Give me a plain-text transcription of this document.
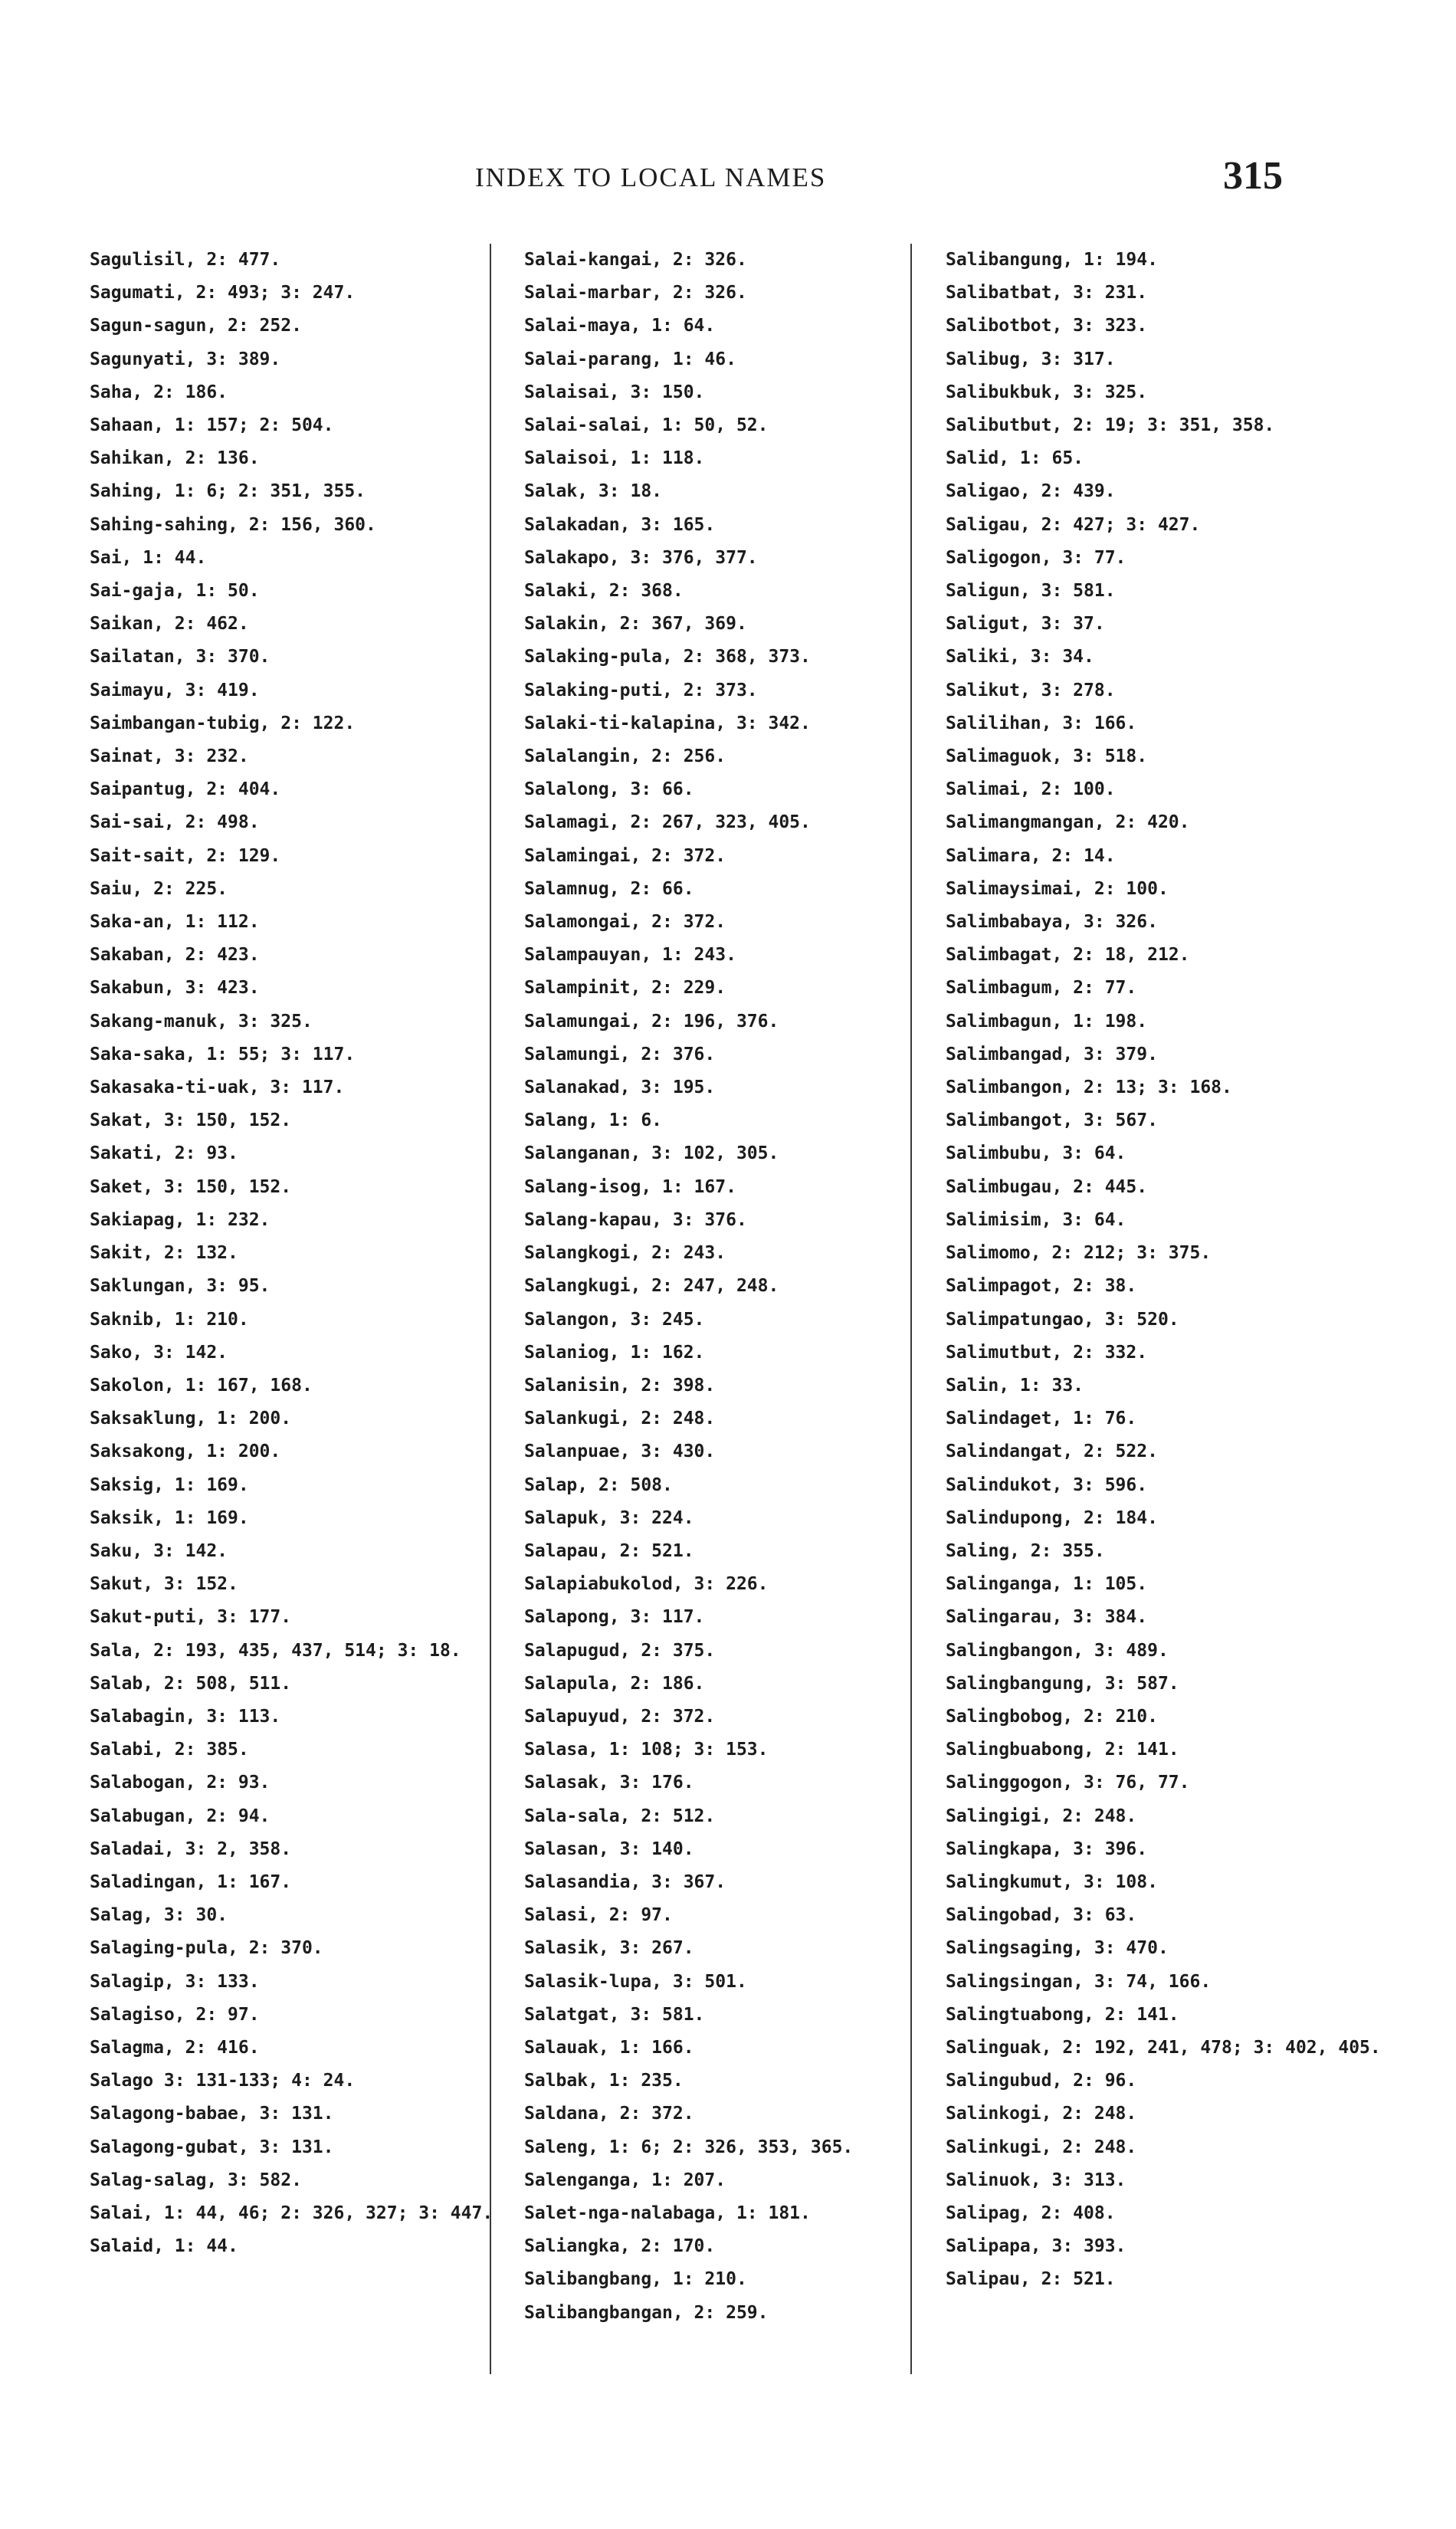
INDEX TO LOCAL NAMES	315
Sagulisil, 2: 477.
Sagumati, 2: 493; 3: 247.
Sagun-sagun, 2: 252.
Sagunyati, 3: 389.
Saha, 2: 186.
Sahaan, 1: 157; 2: 504.
Sahikan, 2: 136.
Sahing, 1: 6; 2: 351, 355.
Sahing-sahing, 2: 156, 360.
Sai, 1: 44.
Sai-gaja, 1: 50.
Saikan, 2: 462.
Sailatan, 3: 370.
Saimayu, 3: 419.
Saimbangan-tubig, 2: 122.
Sainat, 3: 232.
Saipantug, 2: 404.
Sai-sai, 2: 498.
Sait-sait, 2: 129.
Saiu, 2: 225.
Saka-an, 1: 112.
Sakaban, 2: 423.
Sakabun, 3: 423.
Sakang-manuk, 3: 325.
Saka-saka, 1: 55; 3: 117.
Sakasaka-ti-uak, 3: 117.
Sakat, 3: 150, 152.
Sakati, 2: 93.
Saket, 3: 150, 152.
Sakiapag, 1: 232.
Sakit, 2: 132.
Saklungan, 3: 95.
Saknib, 1: 210.
Sako, 3: 142.
Sakolon, 1: 167, 168.
Saksaklung, 1: 200.
Saksakong, 1: 200.
Saksig, 1: 169.
Saksik, 1: 169.
Saku, 3: 142.
Sakut, 3: 152.
Sakut-puti, 3: 177.
Sala, 2: 193, 435, 437, 514; 3: 18.
Salab, 2: 508, 511.
Salabagin, 3: 113.
Salabi, 2: 385.
Salabogan, 2: 93.
Salabugan, 2: 94.
Saladai, 3: 2, 358.
Saladingan, 1: 167.
Salag, 3: 30.
Salaging-pula, 2: 370.
Salagip, 3: 133.
Salagiso, 2: 97.
Salagma, 2: 416.
Salago 3: 131-133; 4: 24.
Salagong-babae, 3: 131.
Salagong-gubat, 3: 131.
Salag-salag, 3: 582.
Salai, 1: 44, 46; 2: 326, 327; 3: 447.
Salaid, 1: 44.
Salai-kangai, 2: 326.
Salai-marbar, 2: 326.
Salai-maya, 1: 64.
Salai-parang, 1: 46.
Salaisai, 3: 150.
Salai-salai, 1: 50, 52.
Salaisoi, 1: 118.
Salak, 3: 18.
Salakadan, 3: 165.
Salakapo, 3: 376, 377.
Salaki, 2: 368.
Salakin, 2: 367, 369.
Salaking-pula, 2: 368, 373.
Salaking-puti, 2: 373.
Salaki-ti-kalapina, 3: 342.
Salalangin, 2: 256.
Salalong, 3: 66.
Salamagi, 2: 267, 323, 405.
Salamingai, 2: 372.
Salamnug, 2: 66.
Salamongai, 2: 372.
Salampauyan, 1: 243.
Salampinit, 2: 229.
Salamungai, 2: 196, 376.
Salamungi, 2: 376.
Salanakad, 3: 195.
Salang, 1: 6.
Salanganan, 3: 102, 305.
Salang-isog, 1: 167.
Salang-kapau, 3: 376.
Salangkogi, 2: 243.
Salangkugi, 2: 247, 248.
Salangon, 3: 245.
Salaniog, 1: 162.
Salanisin, 2: 398.
Salankugi, 2: 248.
Salanpuae, 3: 430.
Salap, 2: 508.
Salapuk, 3: 224.
Salapau, 2: 521.
Salapiabukolod, 3: 226.
Salapong, 3: 117.
Salapugud, 2: 375.
Salapula, 2: 186.
Salapuyud, 2: 372.
Salasa, 1: 108; 3: 153.
Salasak, 3: 176.
Sala-sala, 2: 512.
Salasan, 3: 140.
Salasandia, 3: 367.
Salasi, 2: 97.
Salasik, 3: 267.
Salasik-lupa, 3: 501.
Salatgat, 3: 581.
Salauak, 1: 166.
Salbak, 1: 235.
Saldana, 2: 372.
Saleng, 1: 6; 2: 326, 353, 365.
Salenganga, 1: 207.
Salet-nga-nalabaga, 1: 181.
Saliangka, 2: 170.
Salibangbang, 1: 210.
Salibangbangan, 2: 259.
Salibangung, 1: 194.
Salibatbat, 3: 231.
Salibotbot, 3: 323.
Salibug, 3: 317.
Salibukbuk, 3: 325.
Salibutbut, 2: 19; 3: 351, 358.
Salid, 1: 65.
Saligao, 2: 439.
Saligau, 2: 427; 3: 427.
Saligogon, 3: 77.
Saligun, 3: 581.
Saligut, 3: 37.
Saliki, 3: 34.
Salikut, 3: 278.
Salilihan, 3: 166.
Salimaguok, 3: 518.
Salimai, 2: 100.
Salimangmangan, 2: 420.
Salimara, 2: 14.
Salimaysimai, 2: 100.
Salimbabaya, 3: 326.
Salimbagat, 2: 18, 212.
Salimbagum, 2: 77.
Salimbagun, 1: 198.
Salimbangad, 3: 379.
Salimbangon, 2: 13; 3: 168.
Salimbangot, 3: 567.
Salimbubu, 3: 64.
Salimbugau, 2: 445.
Salimisim, 3: 64.
Salimomo, 2: 212; 3: 375.
Salimpagot, 2: 38.
Salimpatungao, 3: 520.
Salimutbut, 2: 332.
Salin, 1: 33.
Salindaget, 1: 76.
Salindangat, 2: 522.
Salindukot, 3: 596.
Salindupong, 2: 184.
Saling, 2: 355.
Salinganga, 1: 105.
Salingarau, 3: 384.
Salingbangon, 3: 489.
Salingbangung, 3: 587.
Salingbobog, 2: 210.
Salingbuabong, 2: 141.
Salinggogon, 3: 76, 77.
Salingigi, 2: 248.
Salingkapa, 3: 396.
Salingkumut, 3: 108.
Salingobad, 3: 63.
Salingsaging, 3: 470.
Salingsingan, 3: 74, 166.
Salingtuabong, 2: 141.
Salinguak, 2: 192, 241, 478; 3: 402, 405.
Salingubud, 2: 96.
Salinkogi, 2: 248.
Salinkugi, 2: 248.
Salinuok, 3: 313.
Salipag, 2: 408.
Salipapa, 3: 393.
Salipau, 2: 521.
